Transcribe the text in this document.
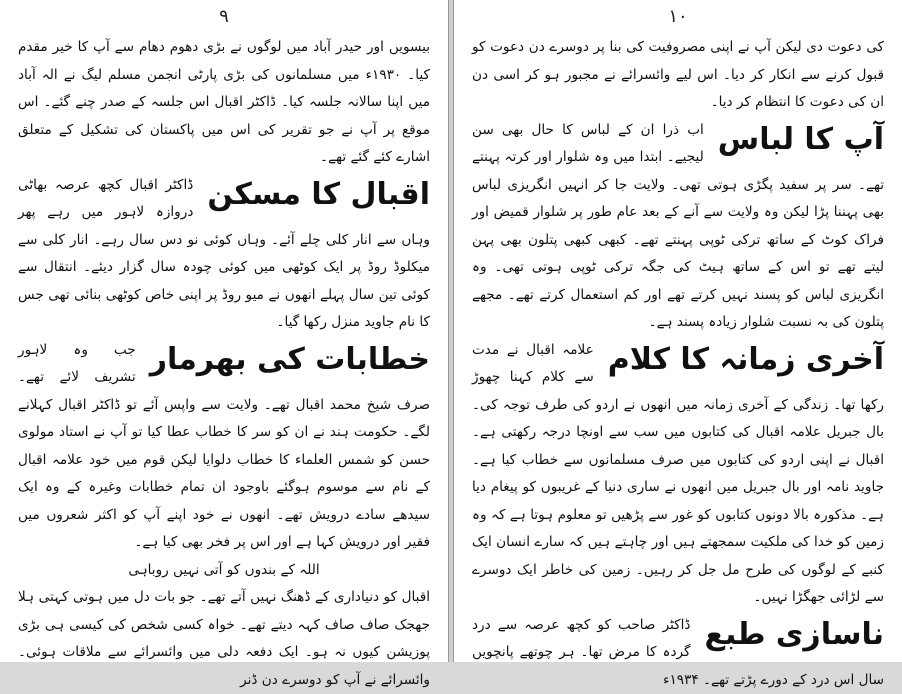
۹

بیسویں اور حیدر آباد میں لوگوں نے بڑی دھوم دھام سے آپ کا خیر مقدم کیا۔ ۱۹۳۰ء میں مسلمانوں کی بڑی پارٹی انجمن مسلم لیگ نے الہ آباد میں اپنا سالانہ جلسہ کیا۔ ڈاکٹر اقبال اس جلسہ کے صدر چنے گئے۔ اس موقع پر آپ نے جو تقریر کی اس میں پاکستان کی تشکیل کے متعلق اشارے کئے گئے تھے۔

اقبال کا مسکن

ڈاکٹر اقبال کچھ عرصہ بھاٹی دروازہ لاہور میں رہے پھر وہاں سے انار کلی چلے آئے۔ وہاں کوئی نو دس سال رہے۔ انار کلی سے میکلوڈ روڈ پر ایک کوٹھی میں کوئی چودہ سال گزار دیئے۔ انتقال سے کوئی تین سال پہلے انھوں نے میو روڈ پر اپنی خاص کوٹھی بنائی تھی جس کا نام جاوید منزل رکھا گیا۔

خطابات کی بھرمار

جب وہ لاہور تشریف لائے تھے۔ صرف شیخ محمد اقبال تھے۔ ولایت سے واپس آئے تو ڈاکٹر اقبال کہلانے لگے۔ حکومت ہند نے ان کو سر کا خطاب عطا کیا تو آپ نے استاد مولوی حسن کو شمس العلماء کا خطاب دلوایا لیکن قوم میں خود علامہ اقبال کے نام سے موسوم ہوگئے باوجود ان تمام خطابات وغیرہ کے وہ ایک سیدھے سادے درویش تھے۔ انھوں نے خود اپنے آپ کو اکثر شعروں میں فقیر اور درویش کہا ہے اور اس پر فخر بھی کیا ہے۔

اللہ کے بندوں کو آتی نہیں روباہی

اقبال کو دنیاداری کے ڈھنگ نہیں آتے تھے۔ جو بات دل میں ہوتی کہتی ہلا جھجک صاف صاف کہہ دیتے تھے۔ خواہ کسی شخص کی کیسی ہی بڑی پوزیشن کیوں نہ ہو۔ ایک دفعہ دلی میں وائسرائے سے ملاقات ہوئی۔ وائسرائے نے آپ کو دوسرے دن ڈنر

۱۰

کی دعوت دی لیکن آپ نے اپنی مصروفیت کی بنا پر دوسرے دن دعوت کو قبول کرنے سے انکار کر دیا۔ اس لیے وائسرائے نے مجبور ہو کر اسی دن ان کی دعوت کا انتظام کر دیا۔

آپ کا لباس

اب ذرا ان کے لباس کا حال بھی سن لیجیے۔ ابتدا میں وہ شلوار اور کرتہ پہنتے تھے۔ سر پر سفید پگڑی ہوتی تھی۔ ولایت جا کر انہیں انگریزی لباس بھی پہننا پڑا لیکن وہ ولایت سے آنے کے بعد عام طور پر شلوار قمیض اور فراک کوٹ کے ساتھ ترکی ٹوپی پہنتے تھے۔ کبھی کبھی پتلون بھی پہن لیتے تھے تو اس کے ساتھ ہیٹ کی جگہ ترکی ٹوپی ہوتی تھی۔ وہ انگریزی لباس کو پسند نہیں کرتے تھے اور کم استعمال کرتے تھے۔ مجھے پتلون کی بہ نسبت شلوار زیادہ پسند ہے۔

آخری زمانہ کا کلام

علامہ اقبال نے مدت سے کلام کہنا چھوڑ رکھا تھا۔ زندگی کے آخری زمانہ میں انھوں نے اردو کی طرف توجہ کی۔ بال جبریل علامہ اقبال کی کتابوں میں سب سے اونچا درجہ رکھتی ہے۔ اقبال نے اپنی اردو کی کتابوں میں صرف مسلمانوں سے خطاب کیا ہے۔ جاوید نامہ اور بال جبریل میں انھوں نے ساری دنیا کے غریبوں کو پیغام دیا ہے۔ مذکورہ بالا دونوں کتابوں کو غور سے پڑھیں تو معلوم ہوتا ہے کہ وہ زمین کو خدا کی ملکیت سمجھتے ہیں اور چاہتے ہیں کہ سارے انسان ایک کنبے کے لوگوں کی طرح مل جل کر رہیں۔ زمین کی خاطر ایک دوسرے سے لڑائی جھگڑا نہیں۔

ناسازی طبع

ڈاکٹر صاحب کو کچھ عرصہ سے درد گردہ کا مرض تھا۔ ہر چوتھے پانچویں سال اس درد کے دورے پڑتے تھے۔ ۱۹۳۴ء
